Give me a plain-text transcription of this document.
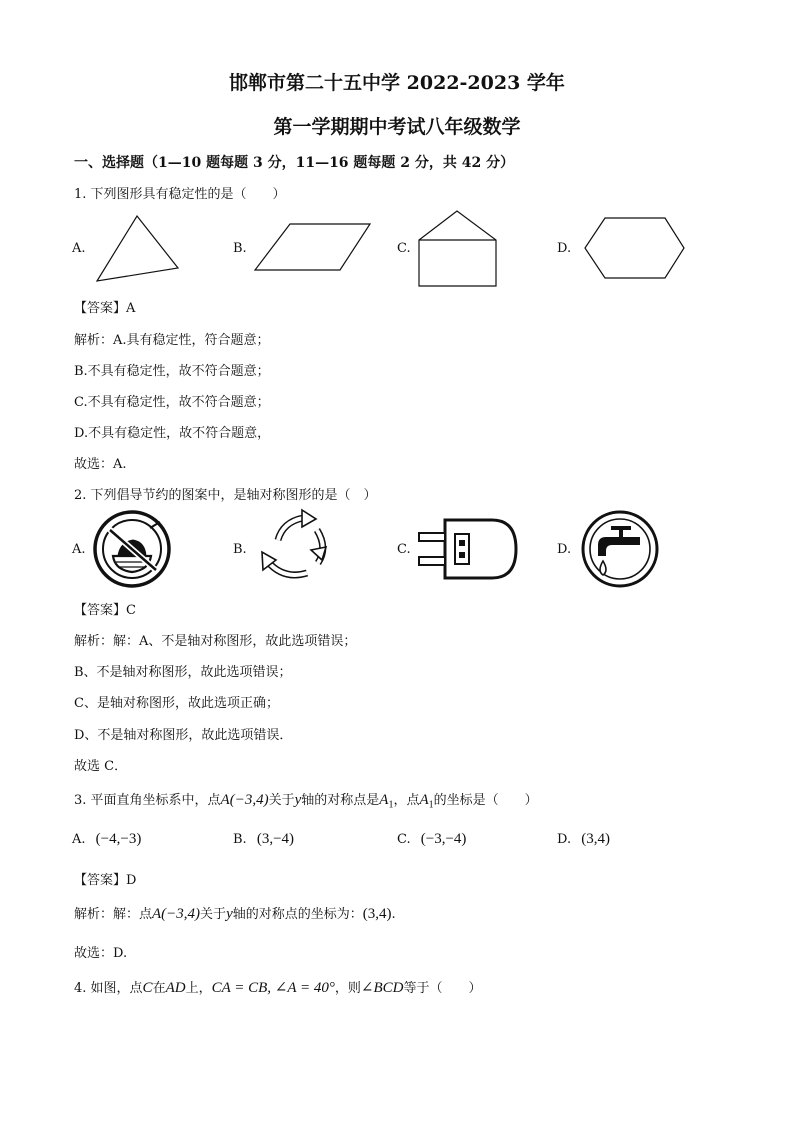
邯郸市第二十五中学 2022-2023 学年
第一学期期中考试八年级数学
一、选择题（1—10 题每题 3 分，11—16 题每题 2 分，共 42 分）
1. 下列图形具有稳定性的是（　　）
A.	B.	C.	D.
【答案】A
解析：A.具有稳定性，符合题意；
B.不具有稳定性，故不符合题意；
C.不具有稳定性，故不符合题意；
D.不具有稳定性，故不符合题意，
故选：A.
2. 下列倡导节约的图案中，是轴对称图形的是（　）
A.	B.	C.	D.
【答案】C
解析：解：A、不是轴对称图形，故此选项错误；
B、不是轴对称图形，故此选项错误；
C、是轴对称图形，故此选项正确；
D、不是轴对称图形，故此选项错误．
故选 C．
3. 平面直角坐标系中，点A(−3,4)关于y轴的对称点是$A_1$，点$A_1$的坐标是（　　）
A. (−4,−3)	B. (3,−4)	C. (−3,−4)	D. (3,4)
【答案】D
解析：解：点A(−3,4)关于y轴的对称点的坐标为：(3,4).
故选：D.
4. 如图，点C在AD上，CA = CB, ∠A = 40°，则∠BCD等于（　　）
